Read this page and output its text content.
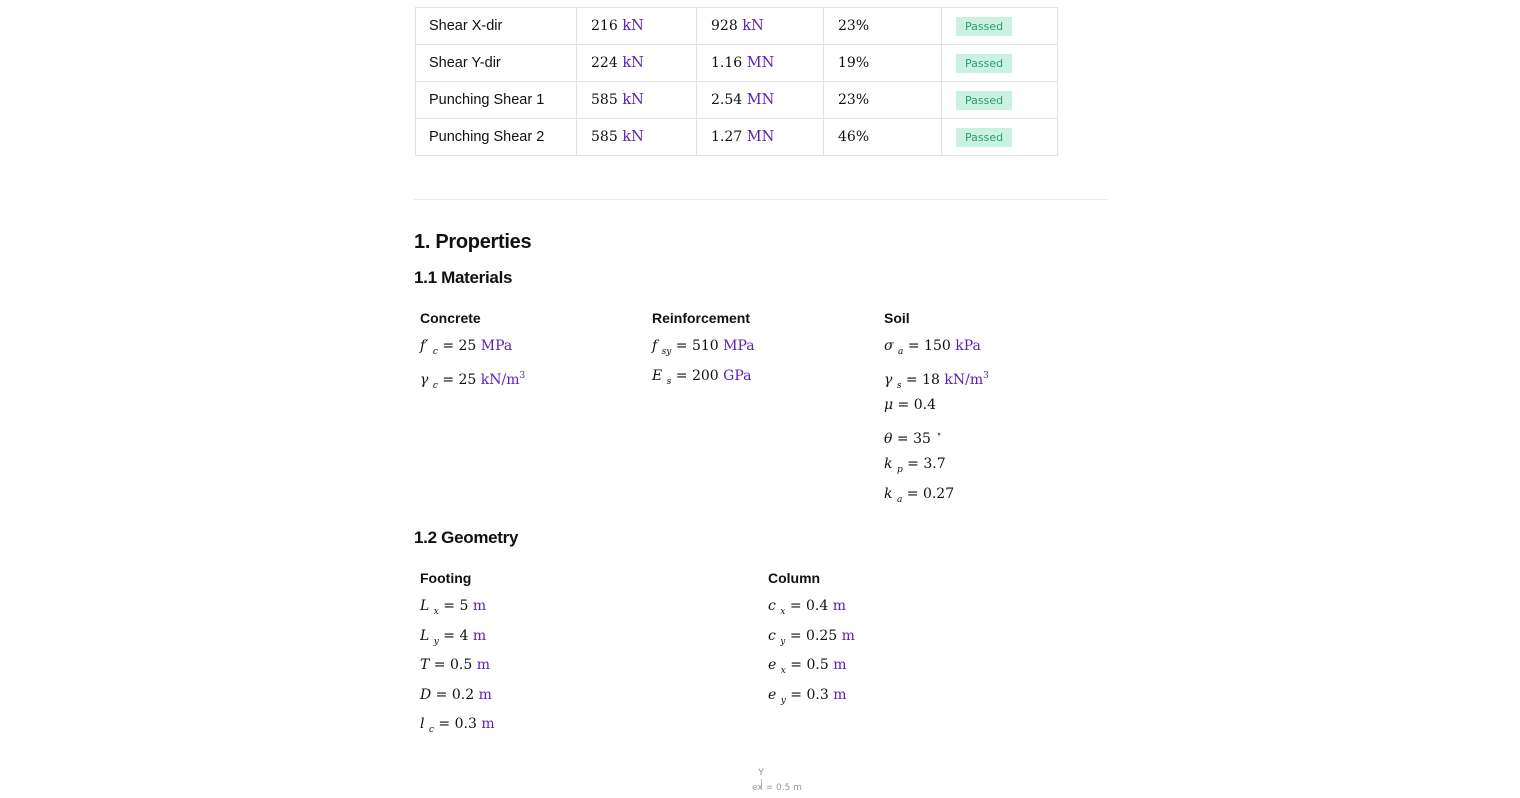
Shear X-dir	216 kN	928 kN	23%	Passed
Shear Y-dir	224 kN	1.16 MN	19%	Passed
Punching Shear 1	585 kN	2.54 MN	23%	Passed
Punching Shear 2	585 kN	1.27 MN	46%	Passed
1. Properties
1.1 Materials
Concrete
f′ $_c$ = 25 MPa
γ $_c$ = 25 $kN/m^3$
Reinforcement
f $_{sy}$ = 510 MPa
E $_s$ = 200 GPa
Soil
σ $_a$ = 150 kPa
γ $_s$ = 18 $kN/m^3$
μ = 0.4
θ = 35 ∘
k $_p$ = 3.7
k $_a$ = 0.27
1.2 Geometry
Footing
L $_x$ = 5 m
L $_y$ = 4 m
T = 0.5 m
D = 0.2 m
l $_c$ = 0.3 m
Column
c $_x$ = 0.4 m
c $_y$ = 0.25 m
e $_x$ = 0.5 m
e $_y$ = 0.3 m
Y
ex = 0.5 m
